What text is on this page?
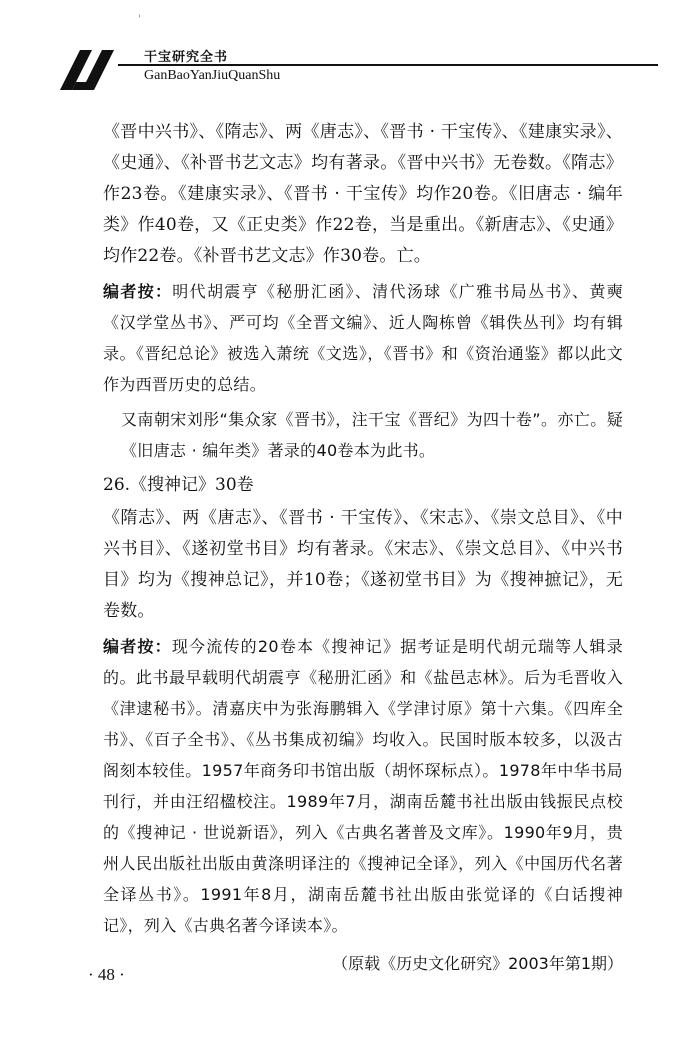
'
干宝研究全书
GanBaoYanJiuQuanShu

《晋中兴书》、《隋志》、两《唐志》、《晋书 · 干宝传》、《建康实录》、《史通》、《补晋书艺文志》均有著录。《晋中兴书》无卷数。《隋志》作23卷。《建康实录》、《晋书 · 干宝传》均作20卷。《旧唐志 · 编年类》作40卷，又《正史类》作22卷，当是重出。《新唐志》、《史通》均作22卷。《补晋书艺文志》作30卷。亡。

编者按：明代胡震亨《秘册汇函》、清代汤球《广雅书局丛书》、黄奭《汉学堂丛书》、严可均《全晋文编》、近人陶栋曾《辑佚丛刊》均有辑录。《晋纪总论》被选入萧统《文选》，《晋书》和《资治通鉴》都以此文作为西晋历史的总结。

又南朝宋刘彤“集众家《晋书》，注干宝《晋纪》为四十卷”。亦亡。疑《旧唐志 · 编年类》著录的40卷本为此书。

26.《搜神记》30卷

《隋志》、两《唐志》、《晋书 · 干宝传》、《宋志》、《崇文总目》、《中兴书目》、《遂初堂书目》均有著录。《宋志》、《崇文总目》、《中兴书目》均为《搜神总记》，并10卷；《遂初堂书目》为《搜神摭记》，无卷数。

编者按：现今流传的20卷本《搜神记》据考证是明代胡元瑞等人辑录的。此书最早载明代胡震亨《秘册汇函》和《盐邑志林》。后为毛晋收入《津逮秘书》。清嘉庆中为张海鹏辑入《学津讨原》第十六集。《四库全书》、《百子全书》、《丛书集成初编》均收入。民国时版本较多，以汲古阁刻本较佳。1957年商务印书馆出版（胡怀琛标点）。1978年中华书局刊行，并由汪绍楹校注。1989年7月，湖南岳麓书社出版由钱振民点校的《搜神记 · 世说新语》，列入《古典名著普及文库》。1990年9月，贵州人民出版社出版由黄涤明译注的《搜神记全译》，列入《中国历代名著全译丛书》。1991年8月，湖南岳麓书社出版由张觉译的《白话搜神记》，列入《古典名著今译读本》。

（原载《历史文化研究》2003年第1期）

· 48 ·
